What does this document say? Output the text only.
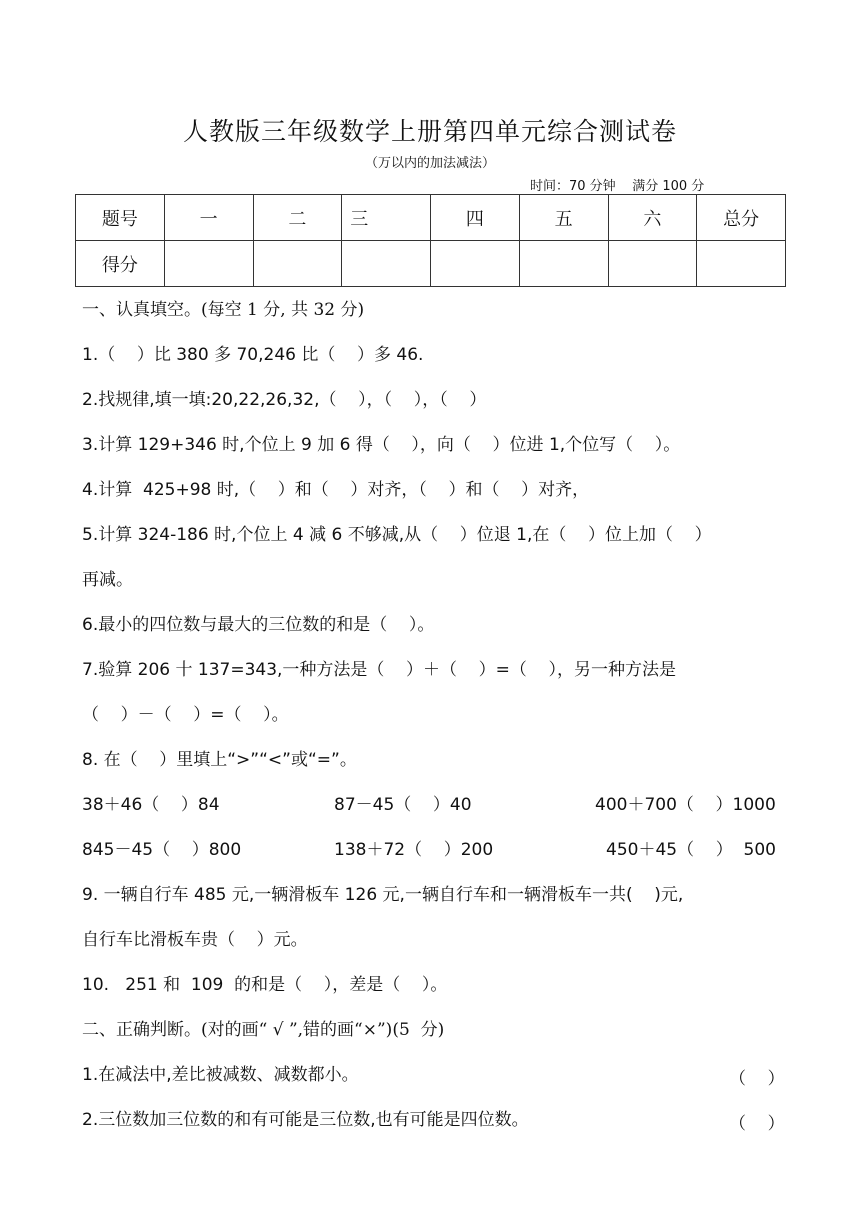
人教版三年级数学上册第四单元综合测试卷
（万以内的加法减法）
时间：70 分钟    满分 100 分
题号	一	二	三	四	五	六	总分
得分							
一、认真填空。(每空 1 分, 共 32 分)
1.（    ）比 380 多 70,246 比（    ）多 46.
2.找规律,填一填:20,22,26,32,（    ），（    ），（    ）
3.计算 129+346 时,个位上 9 加 6 得（    ），向（    ）位进 1,个位写（    ）。
4.计算  425+98 时,（    ）和（    ）对齐，（    ）和（    ）对齐，
5.计算 324-186 时,个位上 4 减 6 不够减,从（    ）位退 1,在（    ）位上加（    ）
再减。
6.最小的四位数与最大的三位数的和是（    ）。
7.验算 206 十 137=343,一种方法是（    ）＋（    ）=（    ），另一种方法是
（    ）－（    ）=（    ）。
8. 在（    ）里填上“>”“<”或“=”。
38＋46（    ）84	87－45（    ）40	400＋700（    ）1000
845－45（    ）800	138＋72（    ）200	450＋45（    ）  500
9. 一辆自行车 485 元,一辆滑板车 126 元,一辆自行车和一辆滑板车一共(    )元,
自行车比滑板车贵（    ）元。
10.   251 和  109  的和是（    ），差是（    ）。
二、正确判断。(对的画“ √ ”,错的画“×”)(5  分)
1.在减法中,差比被减数、减数都小。	（    ）
2.三位数加三位数的和有可能是三位数,也有可能是四位数。	（    ）
